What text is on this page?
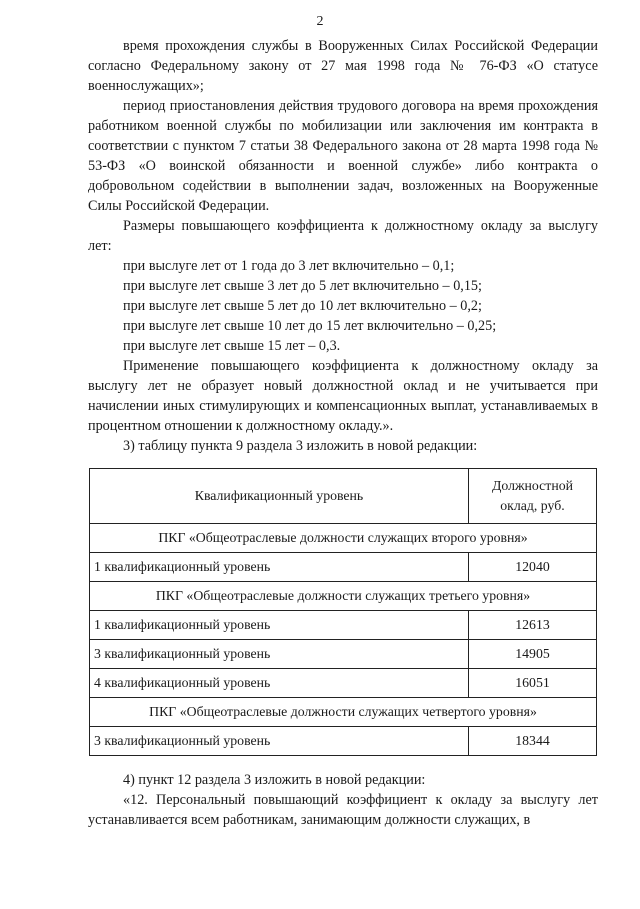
2

время прохождения службы в Вооруженных Силах Российской Федерации согласно Федеральному закону от 27 мая 1998 года № 76-ФЗ «О статусе военнослужащих»;

период приостановления действия трудового договора на время прохождения работником военной службы по мобилизации или заключения им контракта в соответствии с пунктом 7 статьи 38 Федерального закона от 28 марта 1998 года № 53-ФЗ «О воинской обязанности и военной службе» либо контракта о добровольном содействии в выполнении задач, возложенных на Вооруженные Силы Российской Федерации.

Размеры повышающего коэффициента к должностному окладу за выслугу лет:

при выслуге лет от 1 года до 3 лет включительно – 0,1;

при выслуге лет свыше 3 лет до 5 лет включительно – 0,15;

при выслуге лет свыше 5 лет до 10 лет включительно – 0,2;

при выслуге лет свыше 10 лет до 15 лет включительно – 0,25;

при выслуге лет свыше 15 лет – 0,3.

Применение повышающего коэффициента к должностному окладу за выслугу лет не образует новый должностной оклад и не учитывается при начислении иных стимулирующих и компенсационных выплат, устанавливаемых в процентном отношении к должностному окладу.».

3) таблицу пункта 9 раздела 3 изложить в новой редакции:

Квалификационный уровень	Должностной оклад, руб.
ПКГ «Общеотраслевые должности служащих второго уровня»	
1 квалификационный уровень	12040
ПКГ «Общеотраслевые должности служащих третьего уровня»	
1 квалификационный уровень	12613
3 квалификационный уровень	14905
4 квалификационный уровень	16051
ПКГ «Общеотраслевые должности служащих четвертого уровня»	
3 квалификационный уровень	18344

4) пункт 12 раздела 3 изложить в новой редакции:

«12. Персональный повышающий коэффициент к окладу за выслугу лет устанавливается всем работникам, занимающим должности служащих, в
